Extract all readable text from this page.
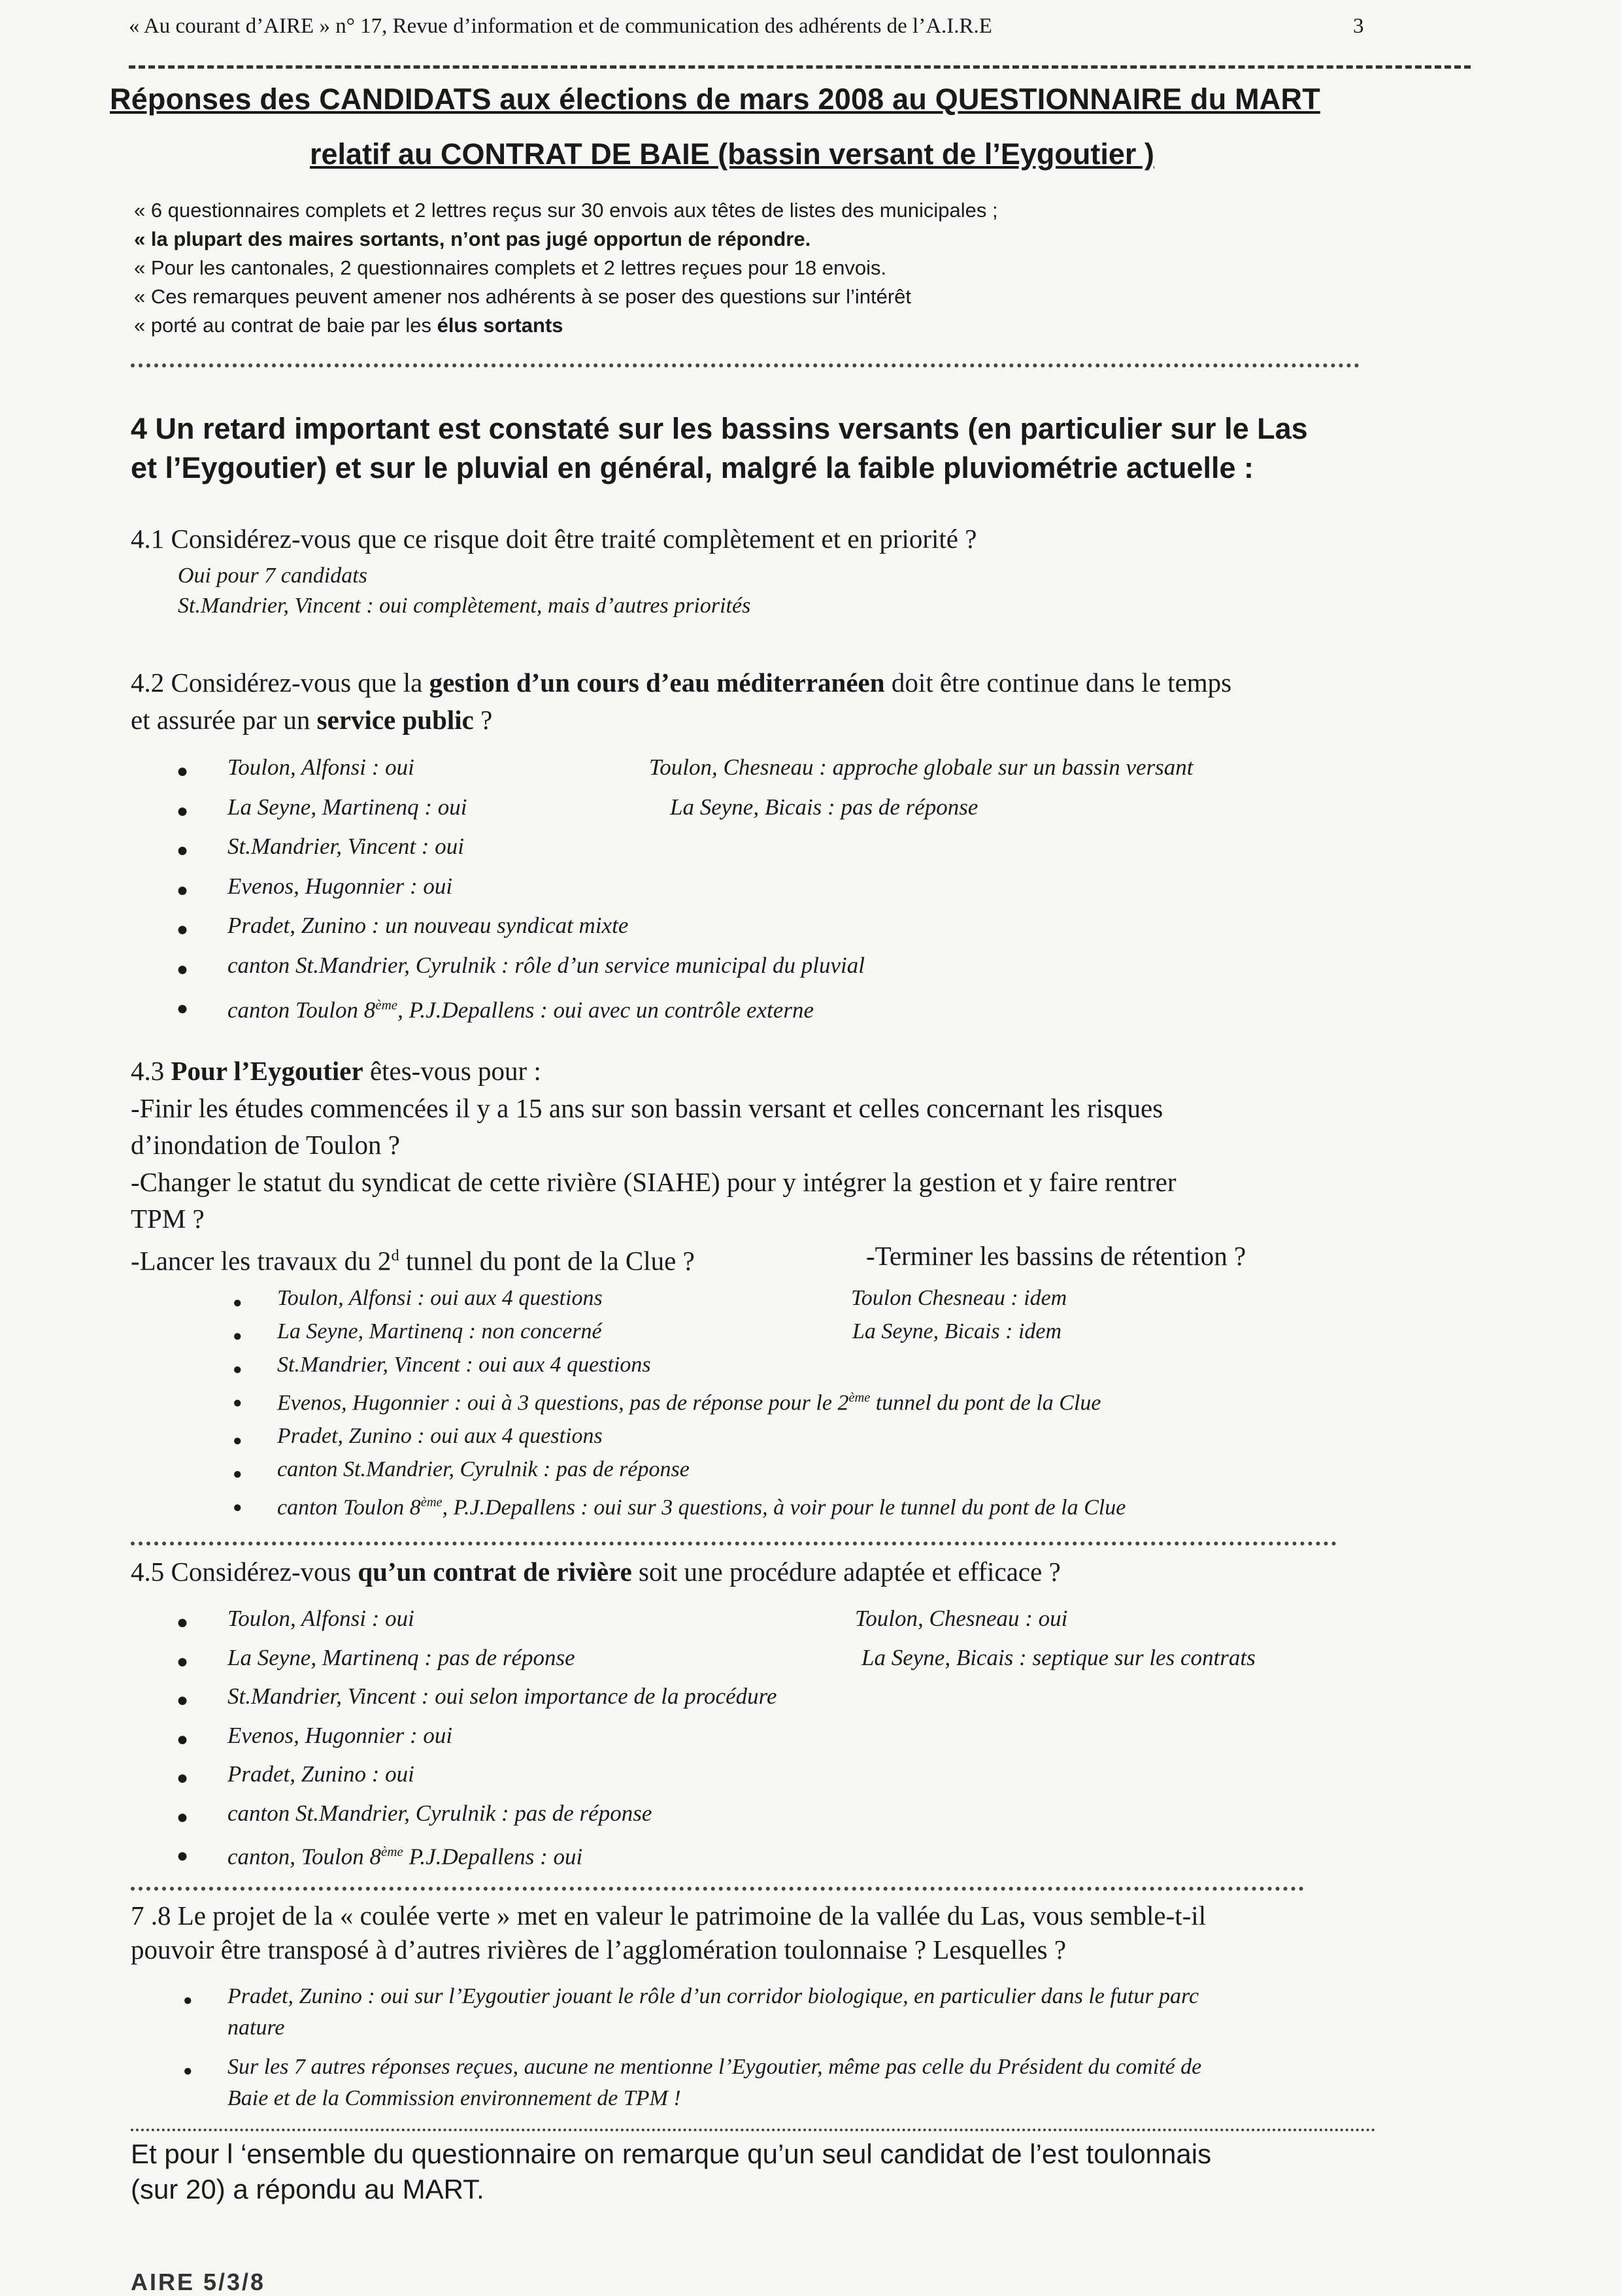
« Au courant d’AIRE » n° 17, Revue d’information et de communication des adhérents de l’A.I.R.E	3
Réponses des CANDIDATS aux élections de mars 2008 au QUESTIONNAIRE du MART
relatif au CONTRAT DE BAIE (bassin versant de l’Eygoutier )
« 6 questionnaires complets et 2 lettres reçus sur 30 envois aux têtes de listes des municipales ;
« la plupart des maires sortants, n’ont pas jugé opportun de répondre.
« Pour les cantonales, 2 questionnaires complets et 2 lettres reçues pour 18 envois.
« Ces remarques peuvent amener nos adhérents à se poser des questions sur l’intérêt
« porté au contrat de baie par les élus sortants
4 Un retard important est constaté sur les bassins versants (en particulier sur le Las
et l’Eygoutier) et sur le pluvial en général, malgré la faible pluviométrie actuelle :
4.1 Considérez-vous que ce risque doit être traité complètement et en priorité ?
Oui pour 7 candidats
St.Mandrier, Vincent : oui complètement, mais d’autres priorités
4.2 Considérez-vous que la gestion d’un cours d’eau méditerranéen doit être continue dans le temps
et assurée par un service public ?
● Toulon, Alfonsi : oui	Toulon, Chesneau : approche globale sur un bassin versant
● La Seyne, Martinenq : oui	La Seyne, Bicais : pas de réponse
● St.Mandrier, Vincent : oui
● Evenos, Hugonnier : oui
● Pradet, Zunino : un nouveau syndicat mixte
● canton St.Mandrier, Cyrulnik : rôle d’un service municipal du pluvial
● canton Toulon 8ème, P.J.Depallens : oui avec un contrôle externe
4.3 Pour l’Eygoutier êtes-vous pour :
-Finir les études commencées il y a 15 ans sur son bassin versant et celles concernant les risques
d’inondation de Toulon ?
-Changer le statut du syndicat de cette rivière (SIAHE) pour y intégrer la gestion et y faire rentrer
TPM ?
-Lancer les travaux du 2$^d$ tunnel du pont de la Clue ?	-Terminer les bassins de rétention ?
● Toulon, Alfonsi : oui aux 4 questions	Toulon Chesneau : idem
● La Seyne, Martinenq : non concerné	La Seyne, Bicais : idem
● St.Mandrier, Vincent : oui aux 4 questions
● Evenos, Hugonnier : oui à 3 questions, pas de réponse pour le 2ème tunnel du pont de la Clue
● Pradet, Zunino : oui aux 4 questions
● canton St.Mandrier, Cyrulnik : pas de réponse
● canton Toulon 8ème, P.J.Depallens : oui sur 3 questions, à voir pour le tunnel du pont de la Clue
4.5 Considérez-vous qu’un contrat de rivière soit une procédure adaptée et efficace ?
● Toulon, Alfonsi : oui	Toulon, Chesneau : oui
● La Seyne, Martinenq : pas de réponse	La Seyne, Bicais : septique sur les contrats
● St.Mandrier, Vincent : oui selon importance de la procédure
● Evenos, Hugonnier : oui
● Pradet, Zunino : oui
● canton St.Mandrier, Cyrulnik : pas de réponse
● canton, Toulon 8ème P.J.Depallens : oui
7 .8 Le projet de la « coulée verte » met en valeur le patrimoine de la vallée du Las, vous semble-t-il
pouvoir être transposé à d’autres rivières de l’agglomération toulonnaise ? Lesquelles ?
● Pradet, Zunino : oui sur l’Eygoutier jouant le rôle d’un corridor biologique, en particulier dans le futur parc
nature
● Sur les 7 autres réponses reçues, aucune ne mentionne l’Eygoutier, même pas celle du Président du comité de
Baie et de la Commission environnement de TPM !
Et pour l ‘ensemble du questionnaire on remarque qu’un seul candidat de l’est toulonnais
(sur 20) a répondu au MART.
AIRE 5/3/8
